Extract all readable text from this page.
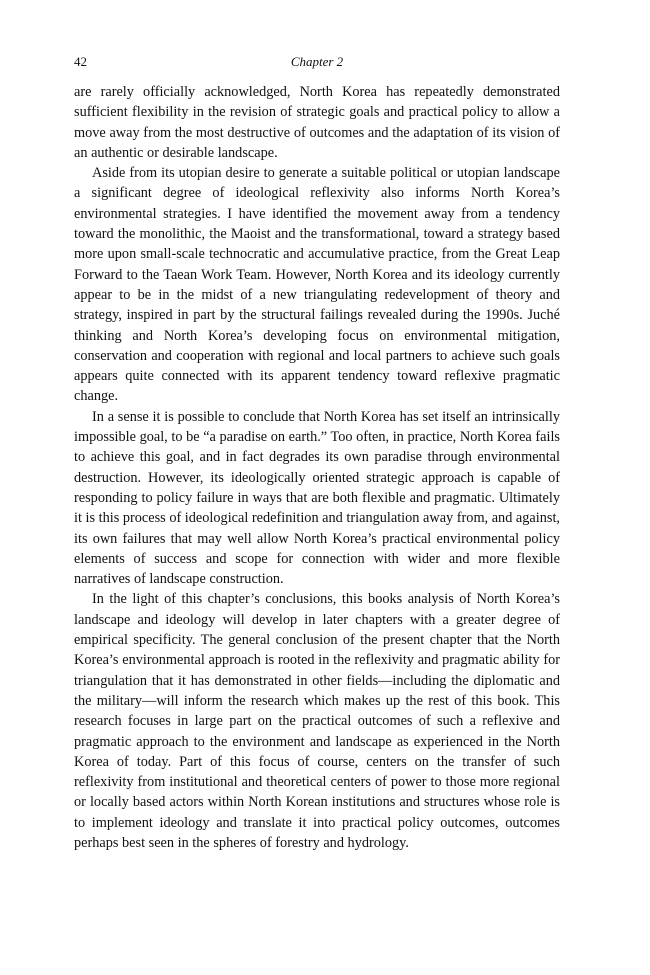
42	Chapter 2

are rarely officially acknowledged, North Korea has repeatedly demonstrated sufficient flexibility in the revision of strategic goals and practical policy to allow a move away from the most destructive of outcomes and the adaptation of its vision of an authentic or desirable landscape.

Aside from its utopian desire to generate a suitable political or utopian landscape a significant degree of ideological reflexivity also informs North Korea’s environmental strategies. I have identified the movement away from a tendency toward the monolithic, the Maoist and the transformational, toward a strategy based more upon small-scale technocratic and accumulative practice, from the Great Leap Forward to the Taean Work Team. However, North Korea and its ideology currently appear to be in the midst of a new triangulating redevelopment of theory and strategy, inspired in part by the structural failings revealed during the 1990s. Juché thinking and North Korea’s developing focus on environmental mitigation, conservation and cooperation with regional and local partners to achieve such goals appears quite connected with its apparent tendency toward reflexive pragmatic change.

In a sense it is possible to conclude that North Korea has set itself an intrinsically impossible goal, to be “a paradise on earth.” Too often, in practice, North Korea fails to achieve this goal, and in fact degrades its own paradise through environmental destruction. However, its ideologically oriented strategic approach is capable of responding to policy failure in ways that are both flexible and pragmatic. Ultimately it is this process of ideological redefinition and triangulation away from, and against, its own failures that may well allow North Korea’s practical environmental policy elements of success and scope for connection with wider and more flexible narratives of landscape construction.

In the light of this chapter’s conclusions, this books analysis of North Korea’s landscape and ideology will develop in later chapters with a greater degree of empirical specificity. The general conclusion of the present chapter that the North Korea’s environmental approach is rooted in the reflexivity and pragmatic ability for triangulation that it has demonstrated in other fields—including the diplomatic and the military—will inform the research which makes up the rest of this book. This research focuses in large part on the practical outcomes of such a reflexive and pragmatic approach to the environment and landscape as experienced in the North Korea of today. Part of this focus of course, centers on the transfer of such reflexivity from institutional and theoretical centers of power to those more regional or locally based actors within North Korean institutions and structures whose role is to implement ideology and translate it into practical policy outcomes, outcomes perhaps best seen in the spheres of forestry and hydrology.
